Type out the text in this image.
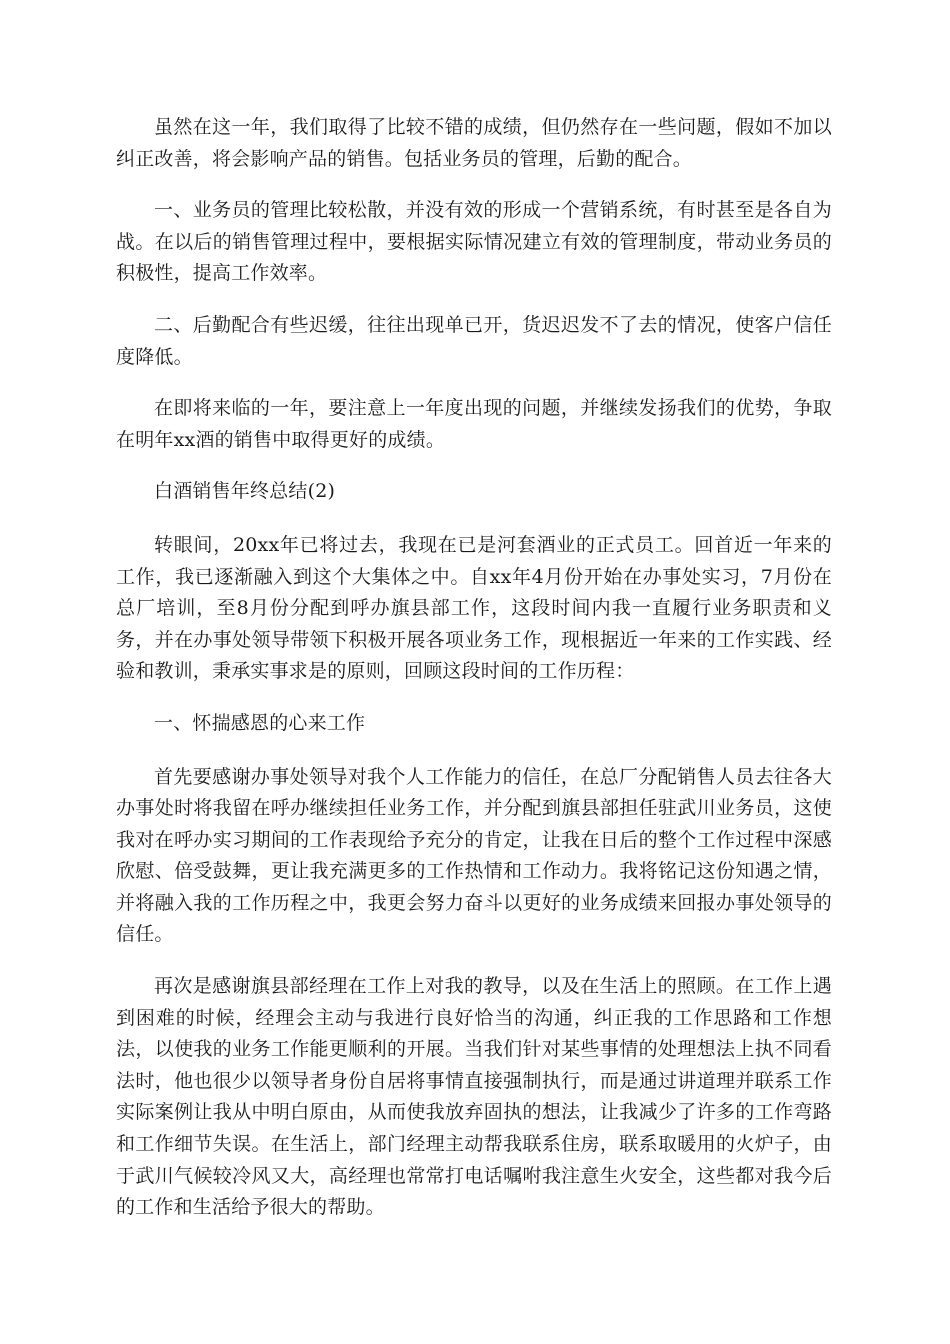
虽然在这一年，我们取得了比较不错的成绩，但仍然存在一些问题，假如不加以纠正改善，将会影响产品的销售。包括业务员的管理，后勤的配合。

一、业务员的管理比较松散，并没有效的形成一个营销系统，有时甚至是各自为战。在以后的销售管理过程中，要根据实际情况建立有效的管理制度，带动业务员的积极性，提高工作效率。

二、后勤配合有些迟缓，往往出现单已开，货迟迟发不了去的情况，使客户信任度降低。

在即将来临的一年，要注意上一年度出现的问题，并继续发扬我们的优势，争取在明年xx酒的销售中取得更好的成绩。

白酒销售年终总结(2)

转眼间，20xx年已将过去，我现在已是河套酒业的正式员工。回首近一年来的工作，我已逐渐融入到这个大集体之中。自xx年4月份开始在办事处实习，7月份在总厂培训，至8月份分配到呼办旗县部工作，这段时间内我一直履行业务职责和义务，并在办事处领导带领下积极开展各项业务工作，现根据近一年来的工作实践、经验和教训，秉承实事求是的原则，回顾这段时间的工作历程：

一、怀揣感恩的心来工作

首先要感谢办事处领导对我个人工作能力的信任，在总厂分配销售人员去往各大办事处时将我留在呼办继续担任业务工作，并分配到旗县部担任驻武川业务员，这使我对在呼办实习期间的工作表现给予充分的肯定，让我在日后的整个工作过程中深感欣慰、倍受鼓舞，更让我充满更多的工作热情和工作动力。我将铭记这份知遇之情，并将融入我的工作历程之中，我更会努力奋斗以更好的业务成绩来回报办事处领导的信任。

再次是感谢旗县部经理在工作上对我的教导，以及在生活上的照顾。在工作上遇到困难的时候，经理会主动与我进行良好恰当的沟通，纠正我的工作思路和工作想法，以使我的业务工作能更顺利的开展。当我们针对某些事情的处理想法上执不同看法时，他也很少以领导者身份自居将事情直接强制执行，而是通过讲道理并联系工作实际案例让我从中明白原由，从而使我放弃固执的想法，让我减少了许多的工作弯路和工作细节失误。在生活上，部门经理主动帮我联系住房，联系取暖用的火炉子，由于武川气候较冷风又大，高经理也常常打电话嘱咐我注意生火安全，这些都对我今后的工作和生活给予很大的帮助。
